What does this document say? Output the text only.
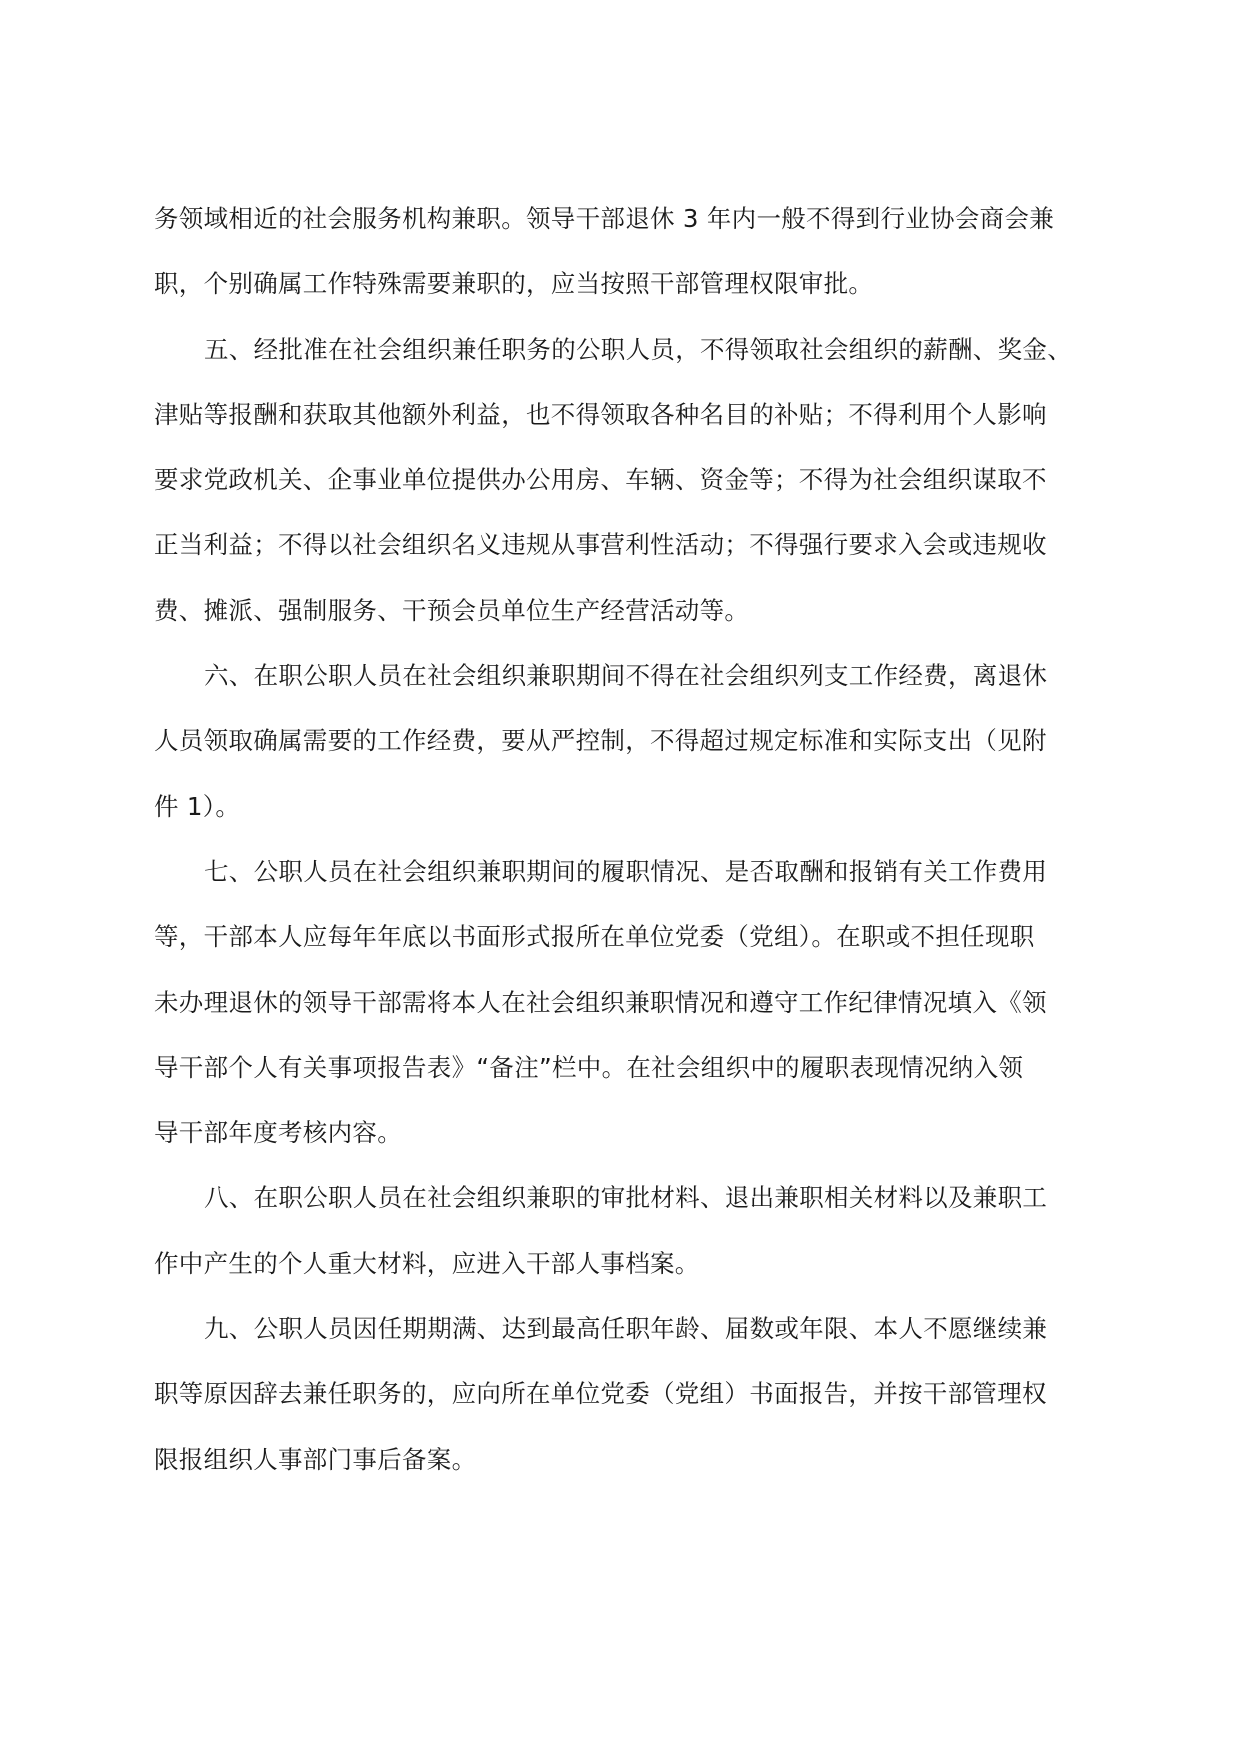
务领域相近的社会服务机构兼职。领导干部退休 3 年内一般不得到行业协会商会兼
职，个别确属工作特殊需要兼职的，应当按照干部管理权限审批。
五、经批准在社会组织兼任职务的公职人员，不得领取社会组织的薪酬、奖金、
津贴等报酬和获取其他额外利益，也不得领取各种名目的补贴；不得利用个人影响
要求党政机关、企事业单位提供办公用房、车辆、资金等；不得为社会组织谋取不
正当利益；不得以社会组织名义违规从事营利性活动；不得强行要求入会或违规收
费、摊派、强制服务、干预会员单位生产经营活动等。
六、在职公职人员在社会组织兼职期间不得在社会组织列支工作经费，离退休
人员领取确属需要的工作经费，要从严控制，不得超过规定标准和实际支出（见附
件 1）。
七、公职人员在社会组织兼职期间的履职情况、是否取酬和报销有关工作费用
等，干部本人应每年年底以书面形式报所在单位党委（党组）。在职或不担任现职
未办理退休的领导干部需将本人在社会组织兼职情况和遵守工作纪律情况填入《领
导干部个人有关事项报告表》“备注”栏中。在社会组织中的履职表现情况纳入领
导干部年度考核内容。
八、在职公职人员在社会组织兼职的审批材料、退出兼职相关材料以及兼职工
作中产生的个人重大材料，应进入干部人事档案。
九、公职人员因任期期满、达到最高任职年龄、届数或年限、本人不愿继续兼
职等原因辞去兼任职务的，应向所在单位党委（党组）书面报告，并按干部管理权
限报组织人事部门事后备案。
